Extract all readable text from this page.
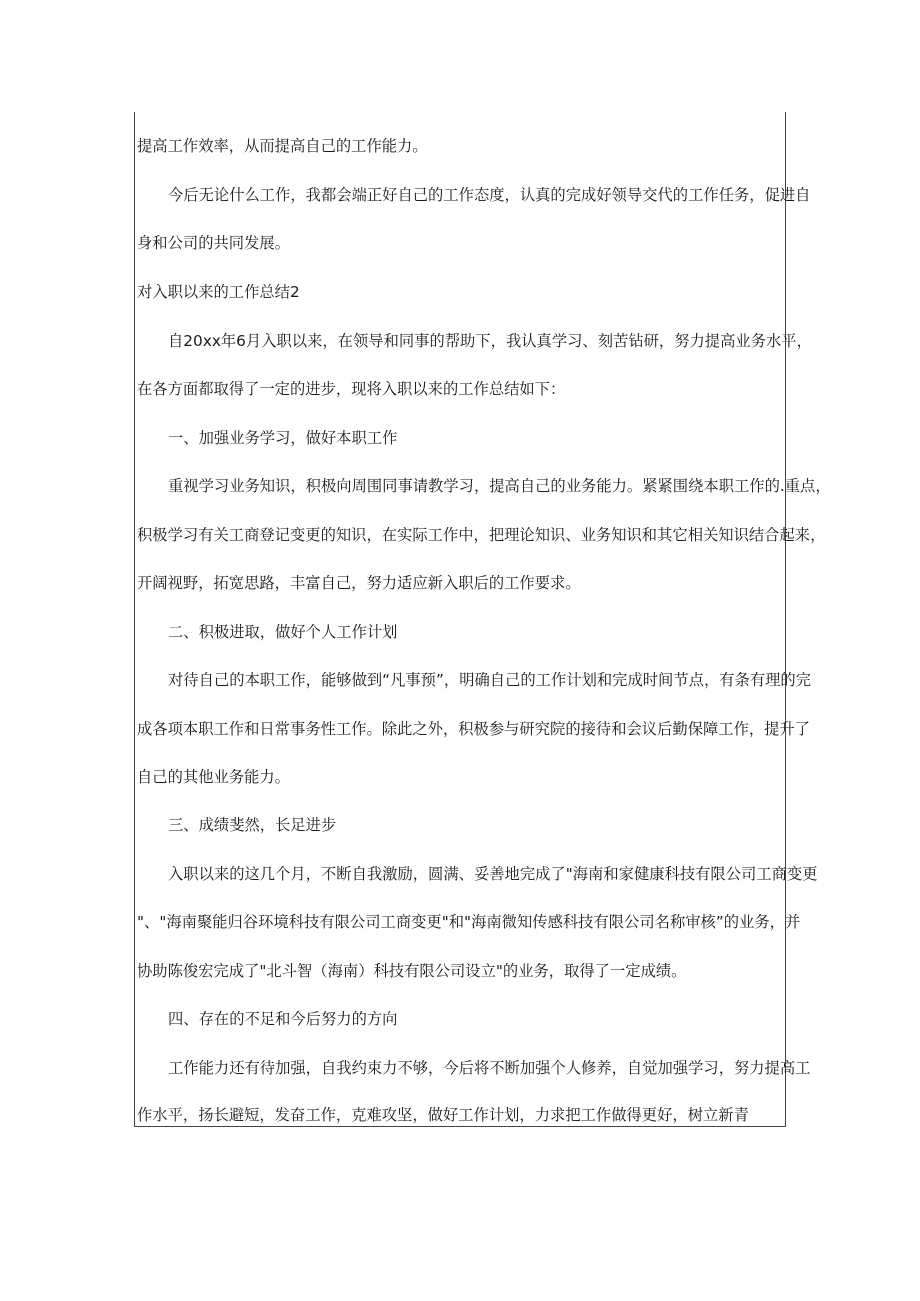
提高工作效率，从而提高自己的工作能力。
今后无论什么工作，我都会端正好自己的工作态度，认真的完成好领导交代的工作任务，促进自
身和公司的共同发展。
对入职以来的工作总结2
自20xx年6月入职以来，在领导和同事的帮助下，我认真学习、刻苦钻研，努力提高业务水平，
在各方面都取得了一定的进步，现将入职以来的工作总结如下：
一、加强业务学习，做好本职工作
重视学习业务知识，积极向周围同事请教学习，提高自己的业务能力。紧紧围绕本职工作的.重点，
积极学习有关工商登记变更的知识，在实际工作中，把理论知识、业务知识和其它相关知识结合起来，
开阔视野，拓宽思路，丰富自己，努力适应新入职后的工作要求。
二、积极进取，做好个人工作计划
对待自己的本职工作，能够做到“凡事预”，明确自己的工作计划和完成时间节点，有条有理的完
成各项本职工作和日常事务性工作。除此之外，积极参与研究院的接待和会议后勤保障工作，提升了
自己的其他业务能力。
三、成绩斐然，长足进步
入职以来的这几个月，不断自我激励，圆满、妥善地完成了"海南和家健康科技有限公司工商变更
"、"海南聚能归谷环境科技有限公司工商变更"和"海南微知传感科技有限公司名称审核”的业务，并
协助陈俊宏完成了"北斗智（海南）科技有限公司设立"的业务，取得了一定成绩。
四、存在的不足和今后努力的方向
工作能力还有待加强，自我约束力不够，今后将不断加强个人修养，自觉加强学习，努力提高工
作水平，扬长避短，发奋工作，克难攻坚，做好工作计划，力求把工作做得更好，树立新青
